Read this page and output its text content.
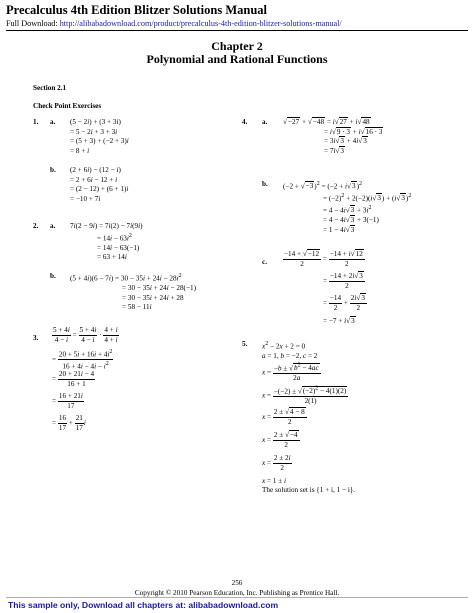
Precalculus 4th Edition Blitzer Solutions Manual
Full Download: http://alibabadownload.com/product/precalculus-4th-edition-blitzer-solutions-manual/
Chapter 2
Polynomial and Rational Functions
Section 2.1
Check Point Exercises
1. a. (5 − 2i) + (3 + 3i)
= 5 − 2i + 3 + 3i
= (5 + 3) + (−2 + 3)i
= 8 + i
b. (2 + 6i) − (12 − i)
= 2 + 6i − 12 + i
= (2 − 12) + (6 + 1)i
= −10 + 7i
2. a. 7i(2 − 9i) = 7i(2) − 7i(9i)
= $14i - 63i^2$
= 14i − 63(−1)
= 63 + 14i
b. $(5 + 4i)(6 - 7i) = 30 - 35i + 24i - 28i^2$
= 30 − 35i + 24i − 28(−1)
= 30 − 35i + 24i + 28
= 58 − 11i
3. $\frac{5 + 4i}{4 - i} = \frac{5 + 4i}{4 - i} \cdot \frac{4 + i}{4 + i}$
= $\frac{20 + 5i + 16i + 4i^2}{16 + 4i - 4i - i^2}$
= $\frac{20 + 21i - 4}{16 + 1}$
= $\frac{16 + 21i}{17}$
= $\frac{16}{17} + \frac{21}{17}$ i
4. a. √−27 + √−48 = i√27 + i√48
= i√9 · 3 + i√16 · 3
= 3i√3 + 4i√3
= 7i√3
b. $(-2 + √-3)^2 = (-2 + i√3)^2$
= $(-2)^2 + 2(-2)(i√3) + (i√3)^2$
= $4 - 4i√3 + 3i^2$
= 4 − 4i√3 + 3(−1)
= 1 − 4i√3
c. $\frac{-14 + √-12}{2} = \frac{-14 + i√12}{2}$
= $\frac{-14 + 2i√3}{2}$
= $\frac{-14}{2} + \frac{2i√3}{2}$
= −7 + i√3
5. $x^2 - 2x + 2 = 0$
a = 1, b = −2, c = 2
$x = \frac{-b \pm √b^2 - 4ac}{2a}$
$x = \frac{-(-2) \pm √(-2)^2 - 4(1)(2)}{2(1)}$
$x = \frac{2 \pm √4 - 8}{2}$
$x = \frac{2 \pm √-4}{2}$
$x = \frac{2 \pm 2i}{2}$
x = 1 ± i
The solution set is {1 + i, 1 − i}.
256
Copyright © 2010 Pearson Education, Inc. Publishing as Prentice Hall.
This sample only, Download all chapters at: alibabadownload.com
